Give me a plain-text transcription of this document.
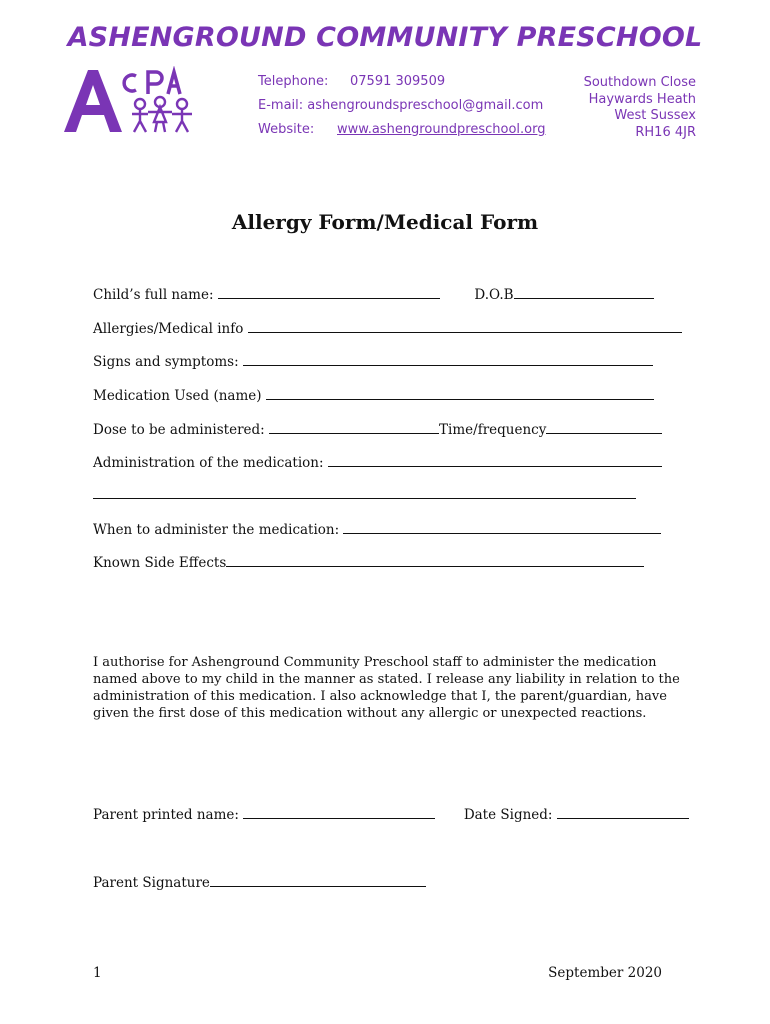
ASHENGROUND COMMUNITY PRESCHOOL
Telephone: 07591 309509
E-mail: ashengroundspreschool@gmail.com
Website: www.ashengroundpreschool.org
Southdown Close
Haywards Heath
West Sussex
RH16 4JR
Allergy Form/Medical Form
Child’s full name:	D.O.B
Allergies/Medical info
Signs and symptoms:
Medication Used (name)
Dose to be administered:	Time/frequency
Administration of the medication:
When to administer the medication:
Known Side Effects
I authorise for Ashenground Community Preschool staff to administer the medication named above to my child in the manner as stated. I release any liability in relation to the administration of this medication. I also acknowledge that I, the parent/guardian, have given the first dose of this medication without any allergic or unexpected reactions.
Parent printed name:	Date Signed:
Parent Signature
1	September 2020
